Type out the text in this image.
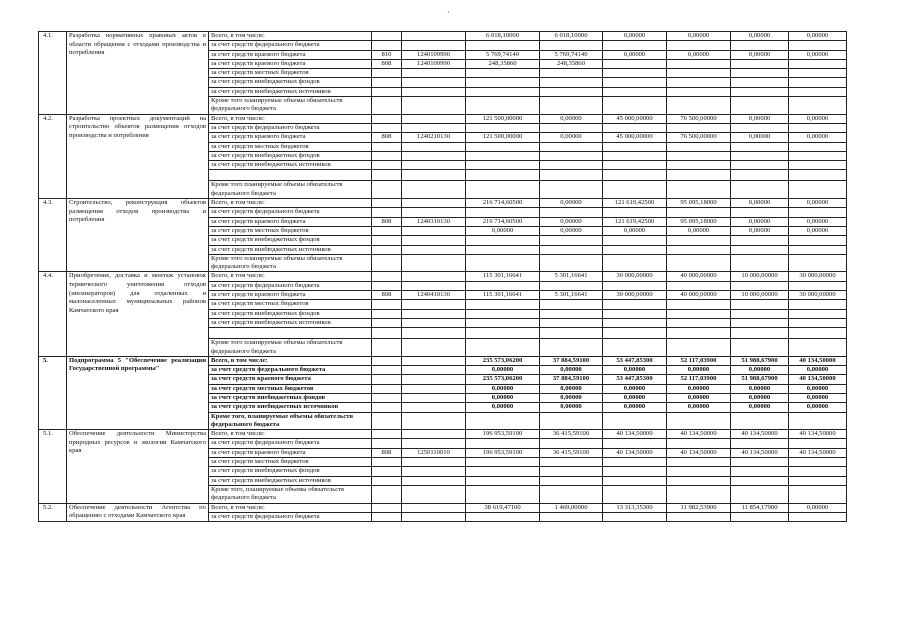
·
4.1.	Разработка нормативных правовых актов в области обращения с отходами производства и потребления	Всего, в том числе:			6 018,10000	6 018,10000	0,00000	0,00000	0,00000	0,00000
		за счет средств федерального бюджета								
		за счет средств краевого бюджета	810	1240109990	5 769,74140	5 769,74140	0,00000	0,00000	0,00000	0,00000
		за счет средств краевого бюджета	808	1240109990	248,35860	248,35860				
		за счет средств местных бюджетов								
		за счет средств внебюджетных фондов								
		за счет средств внебюджетных источников								
		Кроме того планируемые объемы обязательств федерального бюджета								
4.2.	Разработка проектных документаций на строительство объектов размещения отходов производства и потребления	Всего, в том числе:			121 500,00000	0,00000	45 000,00000	76 500,00000	0,00000	0,00000
		за счет средств федерального бюджета								
		за счет средств краевого бюджета	808	1240210130	121 500,00000	0,00000	45 000,00000	76 500,00000	0,00000	0,00000
		за счет средств местных бюджетов								
		за счет средств внебюджетных фондов								
		за счет средств внебюджетных источников								

		Кроме того планируемые объемы обязательств федерального бюджета								
4.3.	Строительство, реконструкция объектов размещения отходов производства и потребления	Всего, в том числе:			216 714,60500	0,00000	121 619,42500	95 095,18000	0,00000	0,00000
		за счет средств федерального бюджета								
		за счет средств краевого бюджета	808	1240310130	216 714,60500	0,00000	121 619,42500	95 095,18000	0,00000	0,00000
		за счет средств местных бюджетов			0,00000	0,00000	0,00000	0,00000	0,00000	0,00000
		за счет средств внебюджетных фондов								
		за счет средств внебюджетных источников								
		Кроме того планируемые объемы обязательств федерального бюджета								
4.4.	Приобретение, доставка и монтаж установок термического уничтожения отходов (инсинераторов) для отдаленных и малонаселенных муниципальных районов Камчатского края	Всего, в том числе:			115 301,16641	5 301,16641	30 000,00000	40 000,00000	10 000,00000	30 000,00000
		за счет средств федерального бюджета								
		за счет средств краевого бюджета	808	1240410130	115 301,16641	5 301,16641	30 000,00000	40 000,00000	10 000,00000	30 000,00000
		за счет средств местных бюджетов								
		за счет средств внебюджетных фондов								
		за счет средств внебюджетных источников								

		Кроме того планируемые объемы обязательств федерального бюджета								
5.	Подпрограмма 5 "Обеспечение реализации Государственной программы"	Всего, в том числе:			235 573,06200	37 884,59100	53 447,85300	52 117,03900	51 988,67900	40 134,50000
		за счет средств федерального бюджета			0,00000	0,00000	0,00000	0,00000	0,00000	0,00000
		за счет средств краевого бюджета			235 573,06200	37 884,59100	53 447,85300	52 117,03900	51 988,67900	40 134,50000
		за счет средств местных бюджетов			0,00000	0,00000	0,00000	0,00000	0,00000	0,00000
		за счет средств внебюджетных фондов			0,00000	0,00000	0,00000	0,00000	0,00000	0,00000
		за счет средств внебюджетных источников			0,00000	0,00000	0,00000	0,00000	0,00000	0,00000
		Кроме того, планируемые объемы обязательств федерального бюджета								
5.1.	Обеспечение деятельности Министерства природных ресурсов и экологии Камчатского края	Всего, в том числе:			196 953,59100	36 415,59100	40 134,50000	40 134,50000	40 134,50000	40 134,50000
		за счет средств федерального бюджета								
		за счет средств краевого бюджета	808	1250110010	196 953,59100	36 415,59100	40 134,50000	40 134,50000	40 134,50000	40 134,50000
		за счет средств местных бюджетов								
		за счет средств внебюджетных фондов								
		за счет средств внебюджетных источников								
		Кроме того, планируемые объемы обязательств федерального бюджета								
5.2.	Обеспечение деятельности Агентства по обращению с отходами Камчатского края	Всего, в том числе:			38 619,47100	1 469,00000	13 313,35300	11 982,53900	11 854,17900	0,00000
		за счет средств федерального бюджета								
